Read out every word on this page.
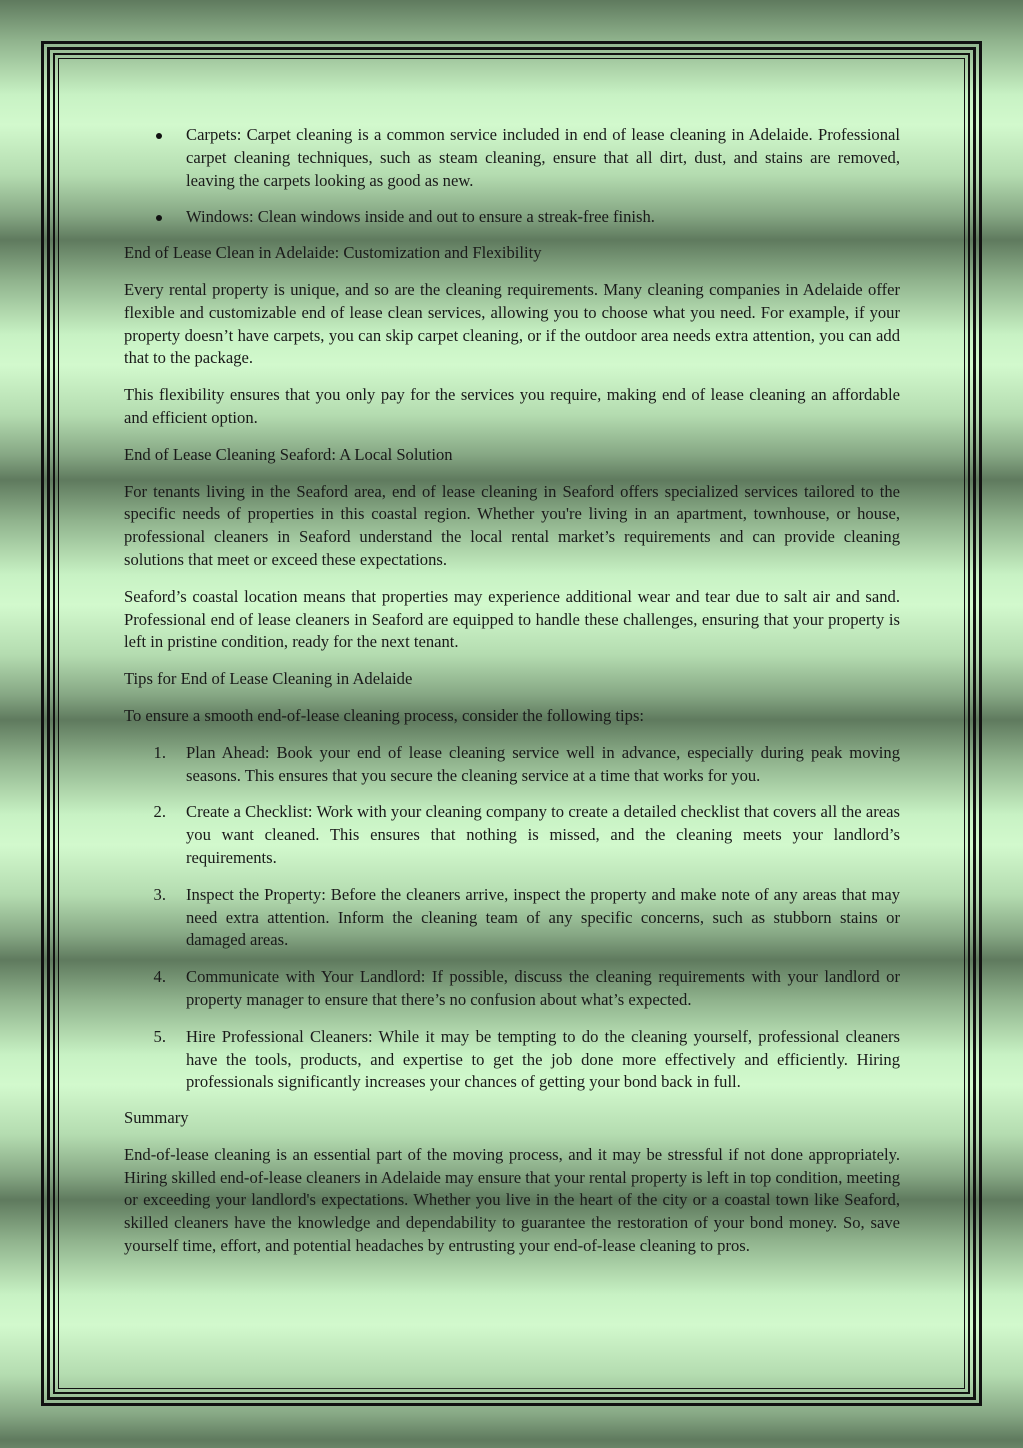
Carpets: Carpet cleaning is a common service included in end of lease cleaning in Adelaide. Professional carpet cleaning techniques, such as steam cleaning, ensure that all dirt, dust, and stains are removed, leaving the carpets looking as good as new.
Windows: Clean windows inside and out to ensure a streak-free finish.

End of Lease Clean in Adelaide: Customization and Flexibility

Every rental property is unique, and so are the cleaning requirements. Many cleaning companies in Adelaide offer flexible and customizable end of lease clean services, allowing you to choose what you need. For example, if your property doesn’t have carpets, you can skip carpet cleaning, or if the outdoor area needs extra attention, you can add that to the package.

This flexibility ensures that you only pay for the services you require, making end of lease cleaning an affordable and efficient option.

End of Lease Cleaning Seaford: A Local Solution

For tenants living in the Seaford area, end of lease cleaning in Seaford offers specialized services tailored to the specific needs of properties in this coastal region. Whether you're living in an apartment, townhouse, or house, professional cleaners in Seaford understand the local rental market’s requirements and can provide cleaning solutions that meet or exceed these expectations.

Seaford’s coastal location means that properties may experience additional wear and tear due to salt air and sand. Professional end of lease cleaners in Seaford are equipped to handle these challenges, ensuring that your property is left in pristine condition, ready for the next tenant.

Tips for End of Lease Cleaning in Adelaide

To ensure a smooth end-of-lease cleaning process, consider the following tips:

1. Plan Ahead: Book your end of lease cleaning service well in advance, especially during peak moving seasons. This ensures that you secure the cleaning service at a time that works for you.
2. Create a Checklist: Work with your cleaning company to create a detailed checklist that covers all the areas you want cleaned. This ensures that nothing is missed, and the cleaning meets your landlord’s requirements.
3. Inspect the Property: Before the cleaners arrive, inspect the property and make note of any areas that may need extra attention. Inform the cleaning team of any specific concerns, such as stubborn stains or damaged areas.
4. Communicate with Your Landlord: If possible, discuss the cleaning requirements with your landlord or property manager to ensure that there’s no confusion about what’s expected.
5. Hire Professional Cleaners: While it may be tempting to do the cleaning yourself, professional cleaners have the tools, products, and expertise to get the job done more effectively and efficiently. Hiring professionals significantly increases your chances of getting your bond back in full.

Summary

End-of-lease cleaning is an essential part of the moving process, and it may be stressful if not done appropriately. Hiring skilled end-of-lease cleaners in Adelaide may ensure that your rental property is left in top condition, meeting or exceeding your landlord's expectations. Whether you live in the heart of the city or a coastal town like Seaford, skilled cleaners have the knowledge and dependability to guarantee the restoration of your bond money. So, save yourself time, effort, and potential headaches by entrusting your end-of-lease cleaning to pros.
